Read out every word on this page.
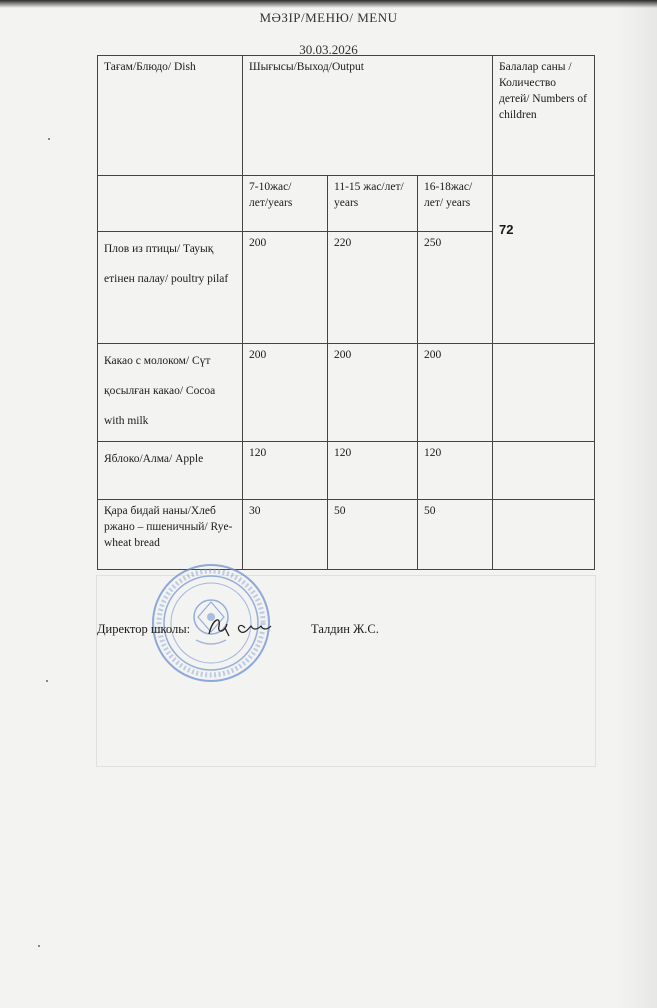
МӘЗІР/МЕНЮ/ MENU
30.03.2026
Тағам/Блюдо/ Dish	Шығысы/Выход/Output			Балалар саны /Количество детей/ Numbers of children
	7-10жас/лет/years	11-15 жас/лет/ years	16-18жас/лет/ years	72

Плов из птицы/ Тауық етінен палау/ poultry pilaf	200	220	250	
Какао с молоком/ Сүт қосылған какао/ Cocoa with milk	200	200	200	
Яблоко/Алма/ Apple	120	120	120	
Қара бидай наны/Хлеб ржано – пшеничный/ Rye-wheat bread	30	50	50	
Директор школы:	Талдин Ж.С.
